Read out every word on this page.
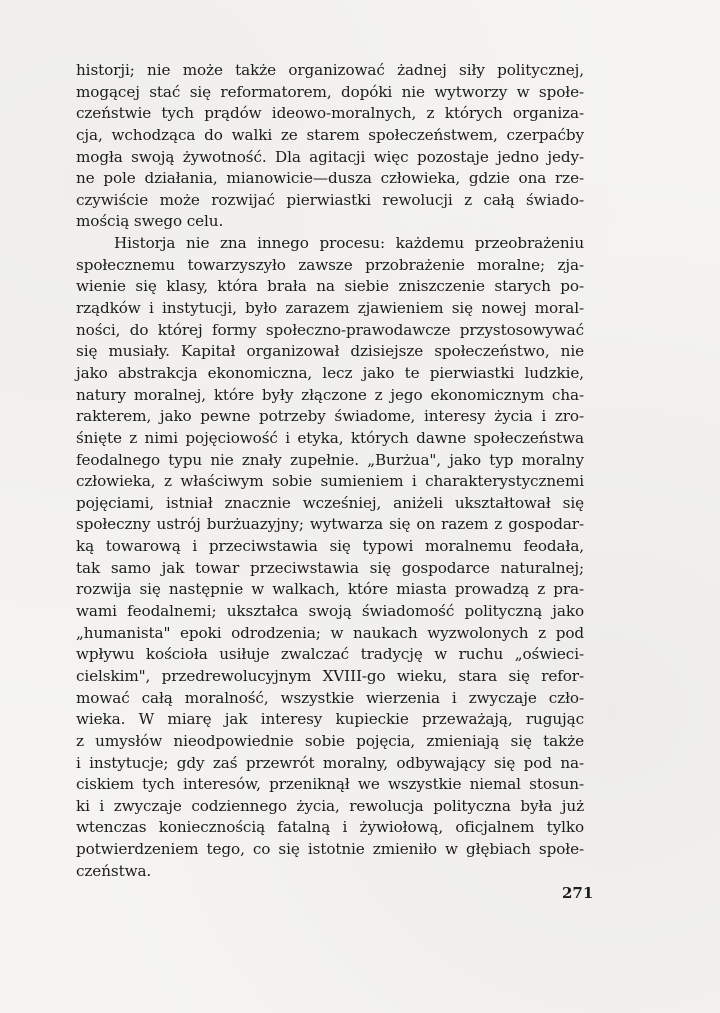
historji; nie może także organizować żadnej siły politycznej,
mogącej stać się reformatorem, dopóki nie wytworzy w społe-
czeństwie tych prądów ideowo-moralnych, z których organiza-
cja, wchodząca do walki ze starem społeczeństwem, czerpaćby
mogła swoją żywotność. Dla agitacji więc pozostaje jedno jedy-
ne pole działania, mianowicie—dusza człowieka, gdzie ona rze-
czywiście może rozwijać pierwiastki rewolucji z całą świado-
mością swego celu.
Historja nie zna innego procesu: każdemu przeobrażeniu
społecznemu towarzyszyło zawsze przobrażenie moralne; zja-
wienie się klasy, która brała na siebie zniszczenie starych po-
rządków i instytucji, było zarazem zjawieniem się nowej moral-
ności, do której formy społeczno-prawodawcze przystosowywać
się musiały. Kapitał organizował dzisiejsze społeczeństwo, nie
jako abstrakcja ekonomiczna, lecz jako te pierwiastki ludzkie,
natury moralnej, które były złączone z jego ekonomicznym cha-
rakterem, jako pewne potrzeby świadome, interesy życia i zro-
śnięte z nimi pojęciowość i etyka, których dawne społeczeństwa
feodalnego typu nie znały zupełnie. „Burżua", jako typ moralny
człowieka, z właściwym sobie sumieniem i charakterystycznemi
pojęciami, istniał znacznie wcześniej, aniżeli ukształtował się
społeczny ustrój burżuazyjny; wytwarza się on razem z gospodar-
ką towarową i przeciwstawia się typowi moralnemu feodała,
tak samo jak towar przeciwstawia się gospodarce naturalnej;
rozwija się następnie w walkach, które miasta prowadzą z pra-
wami feodalnemi; ukształca swoją świadomość polityczną jako
„humanista" epoki odrodzenia; w naukach wyzwolonych z pod
wpływu kościoła usiłuje zwalczać tradycję w ruchu „oświeci-
cielskim", przedrewolucyjnym XVIII-go wieku, stara się refor-
mować całą moralność, wszystkie wierzenia i zwyczaje czło-
wieka. W miarę jak interesy kupieckie przeważają, rugując
z umysłów nieodpowiednie sobie pojęcia, zmieniają się także
i instytucje; gdy zaś przewrót moralny, odbywający się pod na-
ciskiem tych interesów, przeniknął we wszystkie niemal stosun-
ki i zwyczaje codziennego życia, rewolucja polityczna była już
wtenczas koniecznością fatalną i żywiołową, oficjalnem tylko
potwierdzeniem tego, co się istotnie zmieniło w głębiach społe-
czeństwa.
271
